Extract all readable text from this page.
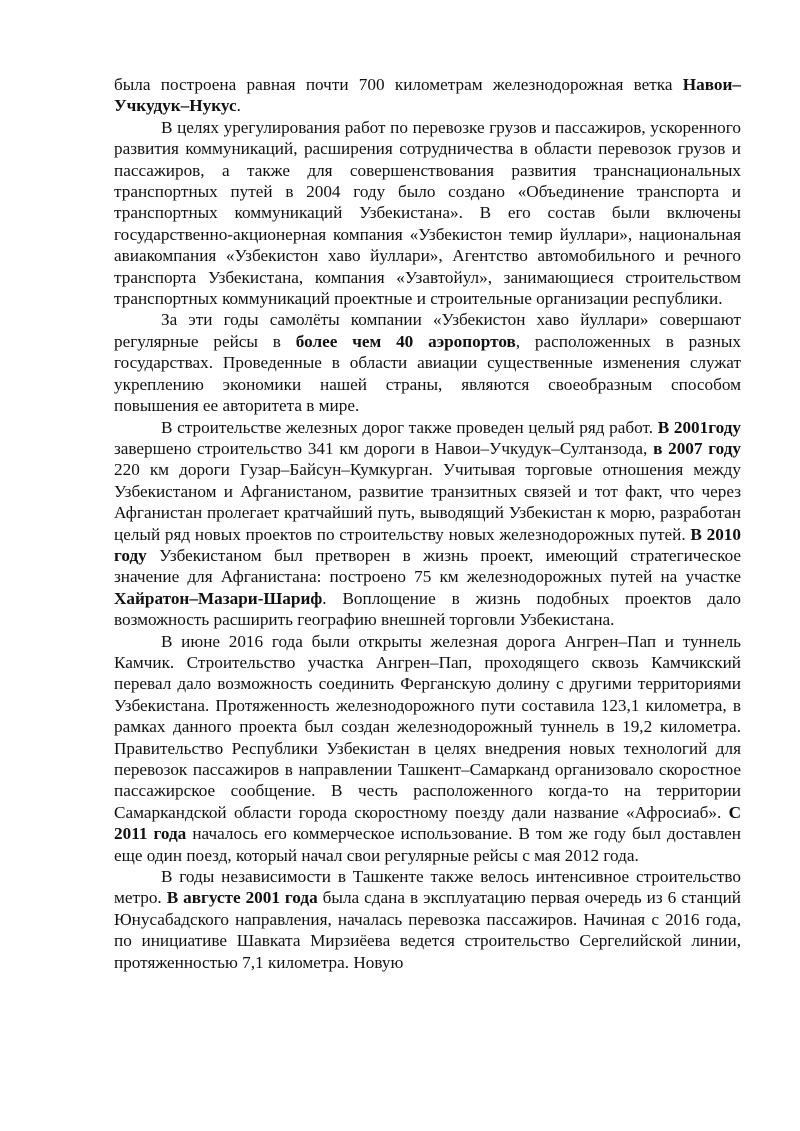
была построена равная почти 700 километрам железнодорожная ветка Навои–Учкудук–Нукус.

В целях урегулирования работ по перевозке грузов и пассажиров, ускоренного развития коммуникаций, расширения сотрудничества в области перевозок грузов и пассажиров, а также для совершенствования развития транснациональных транспортных путей в 2004 году было создано «Объединение транспорта и транспортных коммуникаций Узбекистана». В его состав были включены государственно-акционерная компания «Узбекистон темир йуллари», национальная авиакомпания «Узбекистон хаво йуллари», Агентство автомобильного и речного транспорта Узбекистана, компания «Узавтойул», занимающиеся строительством транспортных коммуникаций проектные и строительные организации республики.

За эти годы самолёты компании «Узбекистон хаво йуллари» совершают регулярные рейсы в более чем 40 аэропортов, расположенных в разных государствах. Проведенные в области авиации существенные изменения служат укреплению экономики нашей страны, являются своеобразным способом повышения ее авторитета в мире.

В строительстве железных дорог также проведен целый ряд работ. В 2001году завершено строительство 341 км дороги в Навои–Учкудук–Султанзода, в 2007 году 220 км дороги Гузар–Байсун–Кумкурган. Учитывая торговые отношения между Узбекистаном и Афганистаном, развитие транзитных связей и тот факт, что через Афганистан пролегает кратчайший путь, выводящий Узбекистан к морю, разработан целый ряд новых проектов по строительству новых железнодорожных путей. В 2010 году Узбекистаном был претворен в жизнь проект, имеющий стратегическое значение для Афганистана: построено 75 км железнодорожных путей на участке Хайратон–Мазари-Шариф. Воплощение в жизнь подобных проектов дало возможность расширить географию внешней торговли Узбекистана.

В июне 2016 года были открыты железная дорога Ангрен–Пап и туннель Камчик. Строительство участка Ангрен–Пап, проходящего сквозь Камчикский перевал дало возможность соединить Ферганскую долину с другими территориями Узбекистана. Протяженность железнодорожного пути составила 123,1 километра, в рамках данного проекта был создан железнодорожный туннель в 19,2 километра. Правительство Республики Узбекистан в целях внедрения новых технологий для перевозок пассажиров в направлении Ташкент–Самарканд организовало скоростное пассажирское сообщение. В честь расположенного когда-то на территории Самаркандской области города скоростному поезду дали название «Афросиаб». С 2011 года началось его коммерческое использование. В том же году был доставлен еще один поезд, который начал свои регулярные рейсы с мая 2012 года.

В годы независимости в Ташкенте также велось интенсивное строительство метро. В августе 2001 года была сдана в эксплуатацию первая очередь из 6 станций Юнусабадского направления, началась перевозка пассажиров. Начиная с 2016 года, по инициативе Шавката Мирзиёева ведется строительство Сергелийской линии, протяженностью 7,1 километра. Новую
